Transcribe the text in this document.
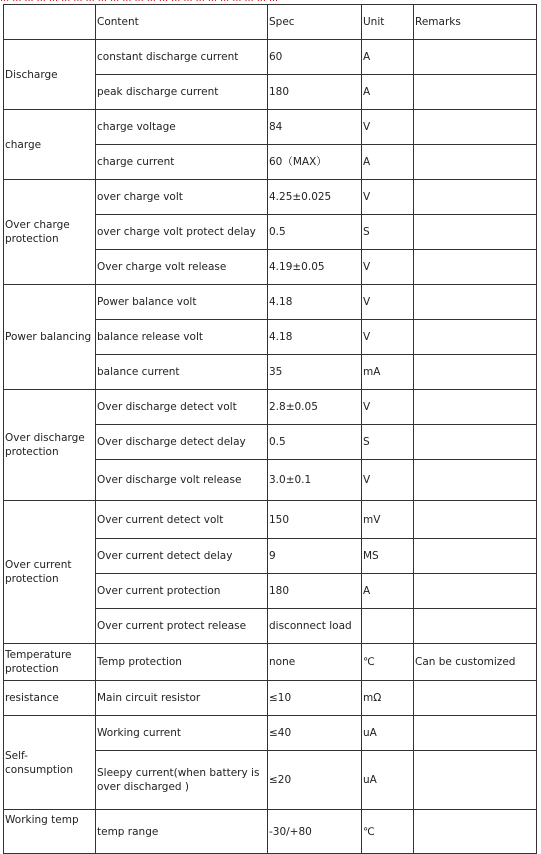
	Content	Spec	Unit	Remarks
Discharge	constant discharge current	60	A	
	peak discharge current	180	A	
charge	charge voltage	84	V	
	charge current	60（MAX）	A	
Over charge protection	over charge volt	4.25±0.025	V	
	over charge volt protect delay	0.5	S	
	Over charge volt release	4.19±0.05	V	
Power balancing	Power balance volt	4.18	V	
	balance release volt	4.18	V	
	balance current	35	mA	
Over discharge protection	Over discharge detect volt	2.8±0.05	V	
	Over discharge detect delay	0.5	S	
	Over discharge volt release	3.0±0.1	V	
Over current protection	Over current detect volt	150	mV	
	Over current detect delay	9	MS	
	Over current protection	180	A	
	Over current protect release	disconnect load		
Temperature protection	Temp protection	none	℃	Can be customized
resistance	Main circuit resistor	≤10	mΩ	
Self-consumption	Working current	≤40	uA	
	Sleepy current(when battery is over discharged )	≤20	uA	
Working temp	temp range	-30/+80	℃	
